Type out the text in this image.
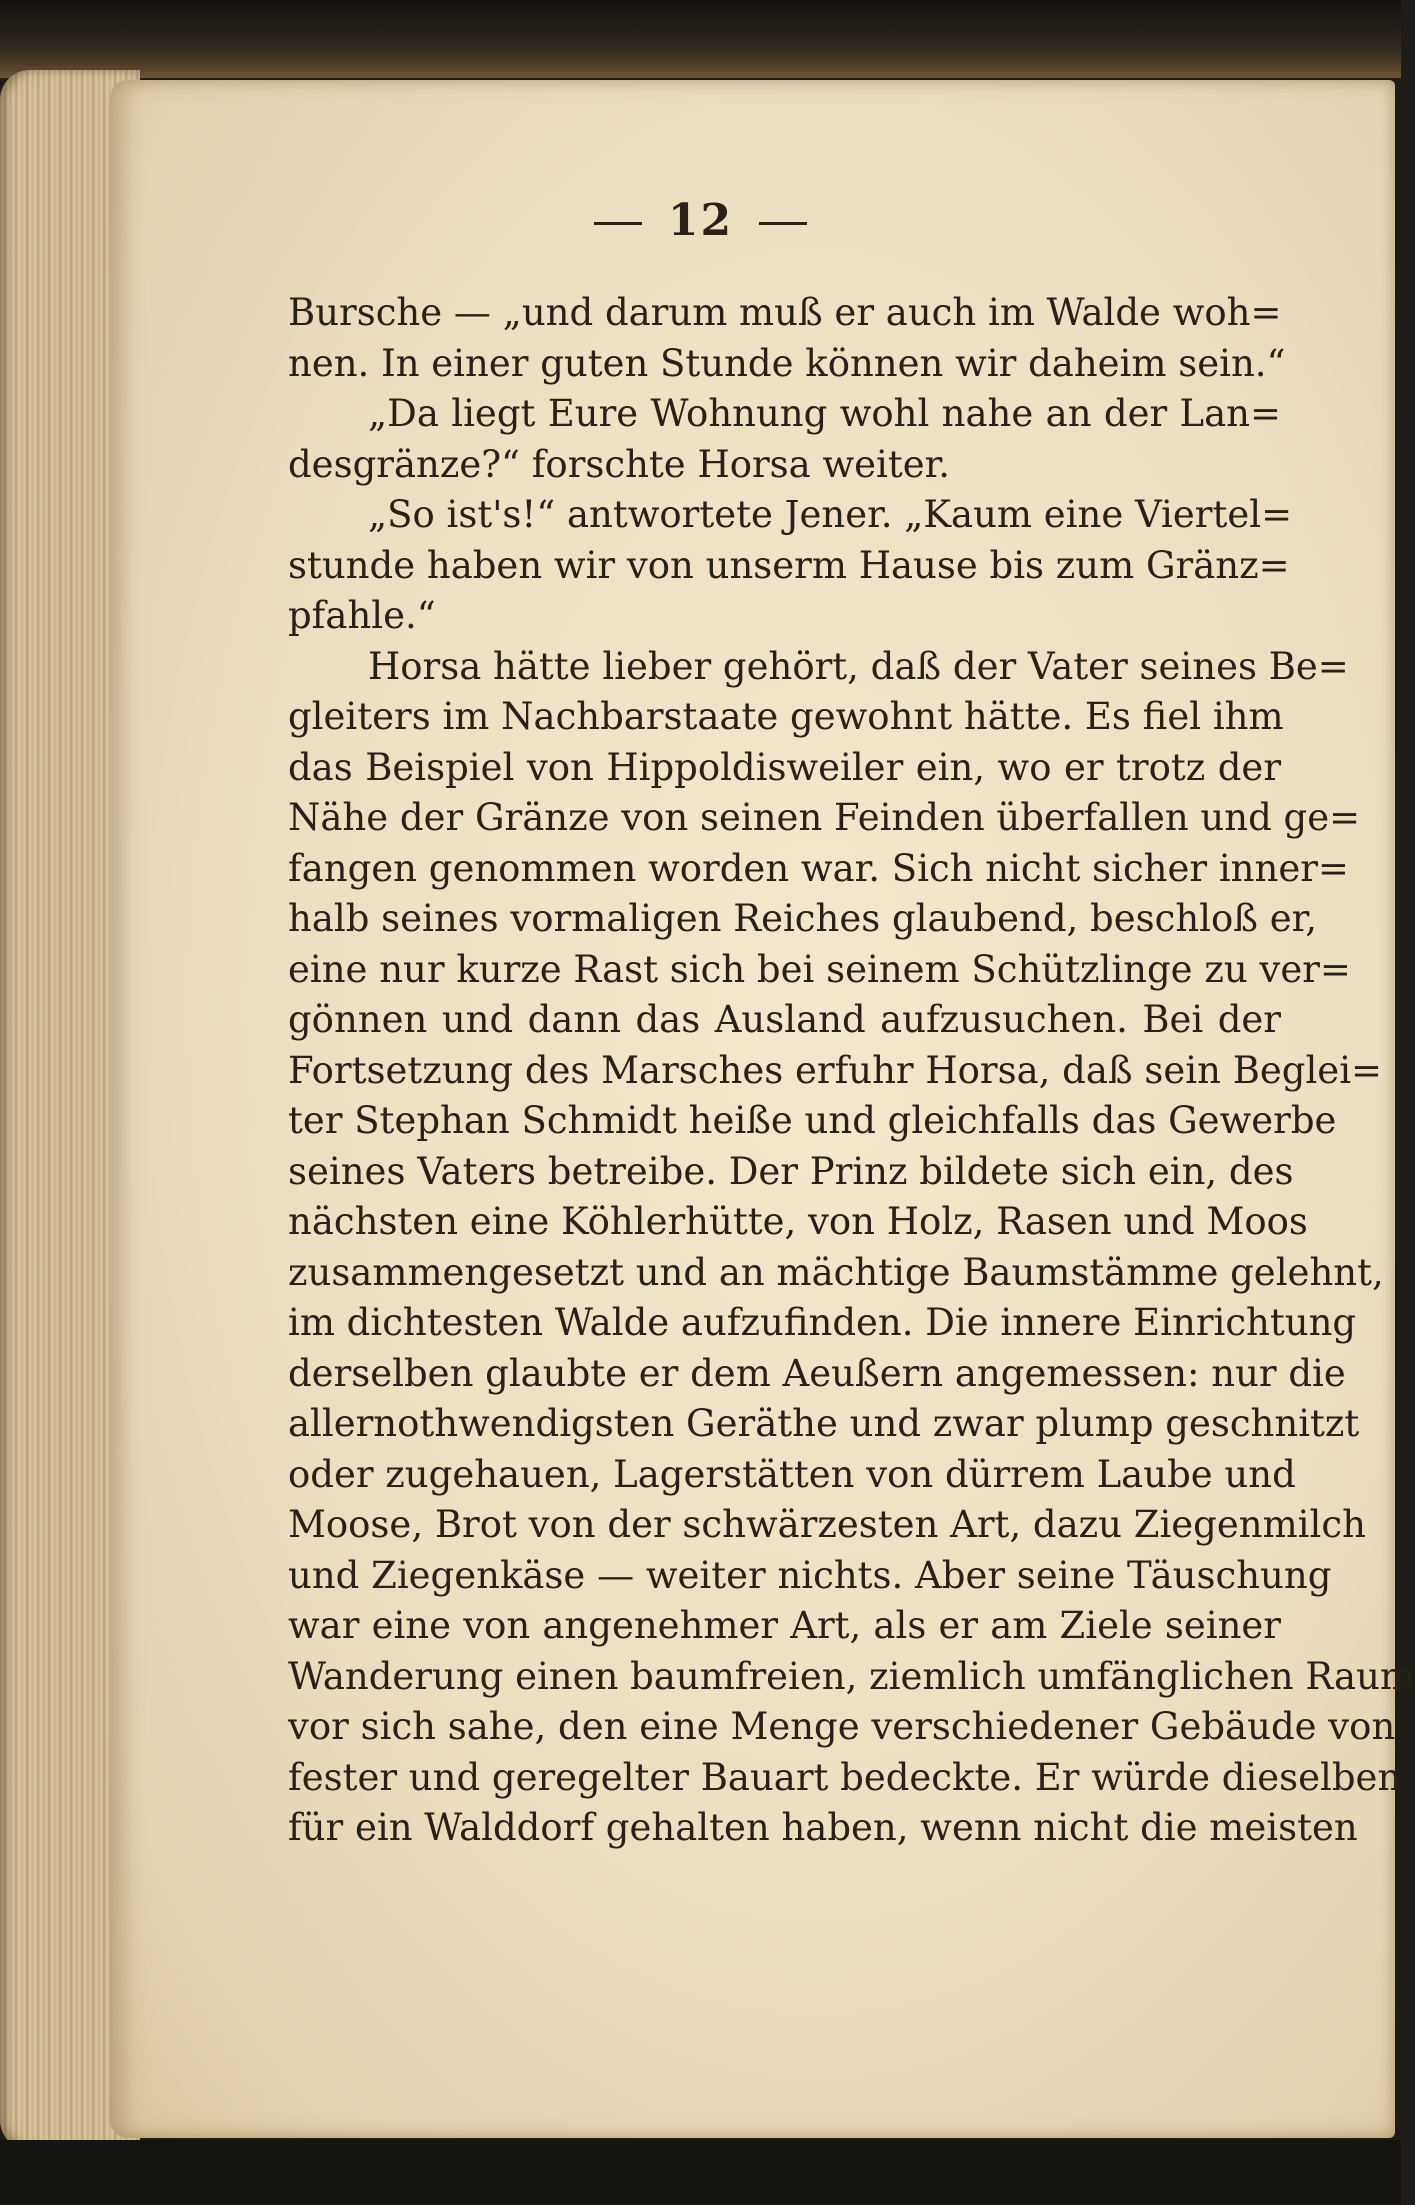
12
Bursche — „und darum muß er auch im Walde woh=
nen. In einer guten Stunde können wir daheim sein.“
„Da liegt Eure Wohnung wohl nahe an der Lan=
desgränze?“ forschte Horsa weiter.
„So ist's!“ antwortete Jener. „Kaum eine Viertel=
stunde haben wir von unserm Hause bis zum Gränz=
pfahle.“
Horsa hätte lieber gehört, daß der Vater seines Be=
gleiters im Nachbarstaate gewohnt hätte. Es fiel ihm
das Beispiel von Hippoldisweiler ein, wo er trotz der
Nähe der Gränze von seinen Feinden überfallen und ge=
fangen genommen worden war. Sich nicht sicher inner=
halb seines vormaligen Reiches glaubend, beschloß er,
eine nur kurze Rast sich bei seinem Schützlinge zu ver=
gönnen und dann das Ausland aufzusuchen. Bei der
Fortsetzung des Marsches erfuhr Horsa, daß sein Beglei=
ter Stephan Schmidt heiße und gleichfalls das Gewerbe
seines Vaters betreibe. Der Prinz bildete sich ein, des
nächsten eine Köhlerhütte, von Holz, Rasen und Moos
zusammengesetzt und an mächtige Baumstämme gelehnt,
im dichtesten Walde aufzufinden. Die innere Einrichtung
derselben glaubte er dem Aeußern angemessen: nur die
allernothwendigsten Geräthe und zwar plump geschnitzt
oder zugehauen, Lagerstätten von dürrem Laube und
Moose, Brot von der schwärzesten Art, dazu Ziegenmilch
und Ziegenkäse — weiter nichts. Aber seine Täuschung
war eine von angenehmer Art, als er am Ziele seiner
Wanderung einen baumfreien, ziemlich umfänglichen Raum
vor sich sahe, den eine Menge verschiedener Gebäude von
fester und geregelter Bauart bedeckte. Er würde dieselben
für ein Walddorf gehalten haben, wenn nicht die meisten
